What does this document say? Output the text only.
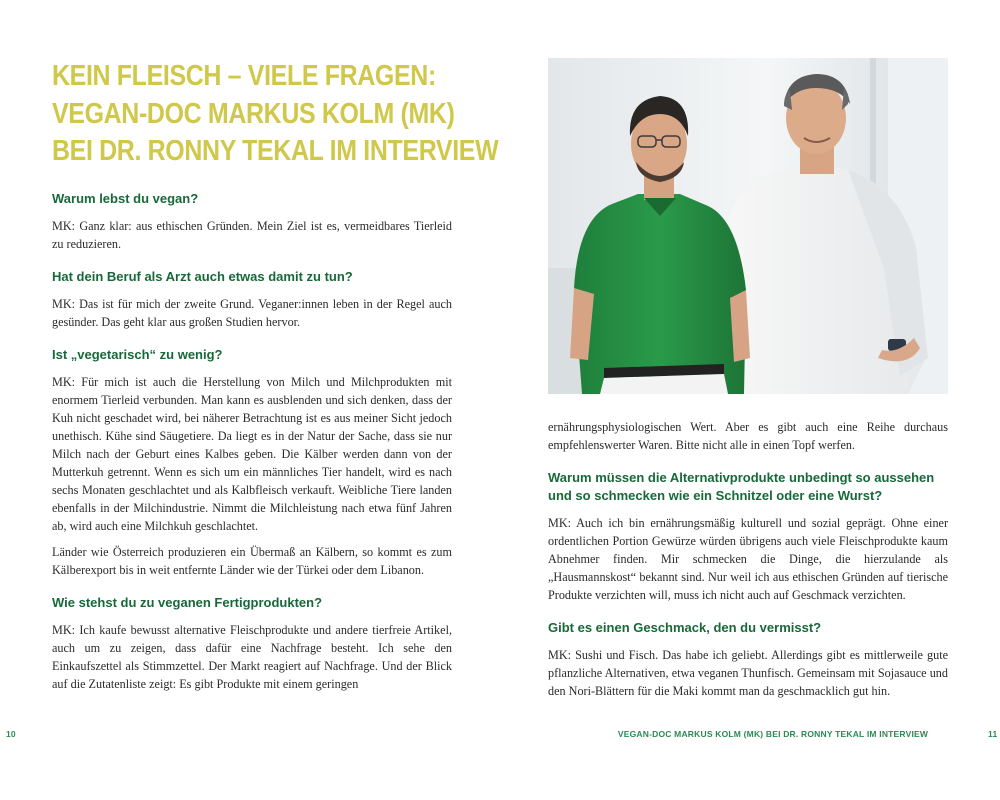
KEIN FLEISCH – VIELE FRAGEN:
VEGAN-DOC MARKUS KOLM (MK)
BEI DR. RONNY TEKAL IM INTERVIEW

Warum lebst du vegan?

MK: Ganz klar: aus ethischen Gründen. Mein Ziel ist es, vermeidbares Tierleid zu reduzieren.

Hat dein Beruf als Arzt auch etwas damit zu tun?

MK: Das ist für mich der zweite Grund. Veganer:innen leben in der Regel auch gesünder. Das geht klar aus großen Studien hervor.

Ist „vegetarisch“ zu wenig?

MK: Für mich ist auch die Herstellung von Milch und Milchprodukten mit enormem Tierleid verbunden. Man kann es ausblenden und sich denken, dass der Kuh nicht geschadet wird, bei näherer Betrachtung ist es aus meiner Sicht jedoch unethisch. Kühe sind Säugetiere. Da liegt es in der Natur der Sache, dass sie nur Milch nach der Geburt eines Kalbes geben. Die Kälber werden dann von der Mutterkuh getrennt. Wenn es sich um ein männliches Tier handelt, wird es nach sechs Monaten geschlachtet und als Kalbfleisch verkauft. Weibliche Tiere landen ebenfalls in der Milchindustrie. Nimmt die Milchleistung nach etwa fünf Jahren ab, wird auch eine Milchkuh geschlachtet.

Länder wie Österreich produzieren ein Übermaß an Kälbern, so kommt es zum Kälberexport bis in weit entfernte Länder wie der Türkei oder dem Libanon.

Wie stehst du zu veganen Fertigprodukten?

MK: Ich kaufe bewusst alternative Fleischprodukte und andere tierfreie Artikel, auch um zu zeigen, dass dafür eine Nachfrage besteht. Ich sehe den Einkaufszettel als Stimmzettel. Der Markt reagiert auf Nachfrage. Und der Blick auf die Zutatenliste zeigt: Es gibt Produkte mit einem geringen

10

ernährungsphysiologischen Wert. Aber es gibt auch eine Reihe durchaus empfehlenswerter Waren. Bitte nicht alle in einen Topf werfen.

Warum müssen die Alternativprodukte unbedingt so aussehen und so schmecken wie ein Schnitzel oder eine Wurst?

MK: Auch ich bin ernährungsmäßig kulturell und sozial geprägt. Ohne einer ordentlichen Portion Gewürze würden übrigens auch viele Fleischprodukte kaum Abnehmer finden. Mir schmecken die Dinge, die hierzulande als „Hausmannskost“ bekannt sind. Nur weil ich aus ethischen Gründen auf tierische Produkte verzichten will, muss ich nicht auch auf Geschmack verzichten.

Gibt es einen Geschmack, den du vermisst?

MK: Sushi und Fisch. Das habe ich geliebt. Allerdings gibt es mittlerweile gute pflanzliche Alternativen, etwa veganen Thunfisch. Gemeinsam mit Sojasauce und den Nori-Blättern für die Maki kommt man da geschmacklich gut hin.

VEGAN-DOC MARKUS KOLM (MK) BEI DR. RONNY TEKAL IM INTERVIEW	11
